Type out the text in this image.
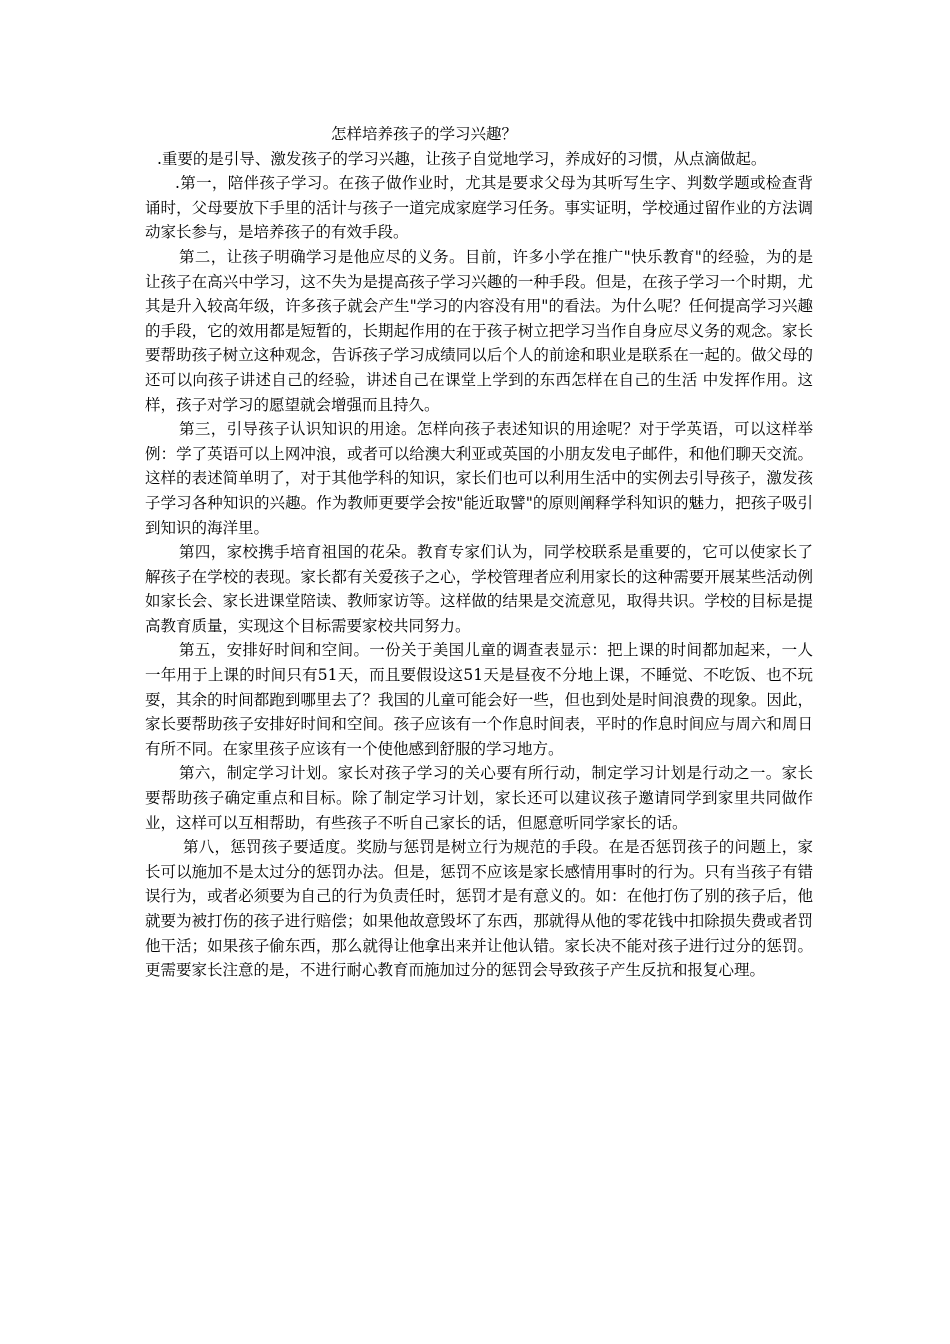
怎样培养孩子的学习兴趣？

.重要的是引导、激发孩子的学习兴趣，让孩子自觉地学习，养成好的习惯，从点滴做起。

.第一，陪伴孩子学习。在孩子做作业时，尤其是要求父母为其听写生字、判数学题或检查背诵时，父母要放下手里的活计与孩子一道完成家庭学习任务。事实证明，学校通过留作业的方法调动家长参与，是培养孩子的有效手段。

第二，让孩子明确学习是他应尽的义务。目前，许多小学在推广"快乐教育"的经验，为的是让孩子在高兴中学习，这不失为是提高孩子学习兴趣的一种手段。但是，在孩子学习一个时期，尤其是升入较高年级，许多孩子就会产生"学习的内容没有用"的看法。为什么呢？任何提高学习兴趣的手段，它的效用都是短暂的，长期起作用的在于孩子树立把学习当作自身应尽义务的观念。家长要帮助孩子树立这种观念，告诉孩子学习成绩同以后个人的前途和职业是联系在一起的。做父母的还可以向孩子讲述自己的经验，讲述自己在课堂上学到的东西怎样在自己的生活 中发挥作用。这样，孩子对学习的愿望就会增强而且持久。

第三，引导孩子认识知识的用途。怎样向孩子表述知识的用途呢？对于学英语，可以这样举例：学了英语可以上网冲浪，或者可以给澳大利亚或英国的小朋友发电子邮件，和他们聊天交流。这样的表述简单明了，对于其他学科的知识，家长们也可以利用生活中的实例去引导孩子，激发孩子学习各种知识的兴趣。作为教师更要学会按"能近取譬"的原则阐释学科知识的魅力，把孩子吸引到知识的海洋里。

第四，家校携手培育祖国的花朵。教育专家们认为，同学校联系是重要的，它可以使家长了解孩子在学校的表现。家长都有关爱孩子之心，学校管理者应利用家长的这种需要开展某些活动例如家长会、家长进课堂陪读、教师家访等。这样做的结果是交流意见，取得共识。学校的目标是提高教育质量，实现这个目标需要家校共同努力。

第五，安排好时间和空间。一份关于美国儿童的调查表显示：把上课的时间都加起来，一人一年用于上课的时间只有51天，而且要假设这51天是昼夜不分地上课，不睡觉、不吃饭、也不玩耍，其余的时间都跑到哪里去了？我国的儿童可能会好一些，但也到处是时间浪费的现象。因此，家长要帮助孩子安排好时间和空间。孩子应该有一个作息时间表，平时的作息时间应与周六和周日有所不同。在家里孩子应该有一个使他感到舒服的学习地方。

第六，制定学习计划。家长对孩子学习的关心要有所行动，制定学习计划是行动之一。家长要帮助孩子确定重点和目标。除了制定学习计划，家长还可以建议孩子邀请同学到家里共同做作业，这样可以互相帮助，有些孩子不听自己家长的话，但愿意听同学家长的话。

第八，惩罚孩子要适度。奖励与惩罚是树立行为规范的手段。在是否惩罚孩子的问题上，家长可以施加不是太过分的惩罚办法。但是，惩罚不应该是家长感情用事时的行为。只有当孩子有错误行为，或者必须要为自己的行为负责任时，惩罚才是有意义的。如：在他打伤了别的孩子后，他就要为被打伤的孩子进行赔偿；如果他故意毁坏了东西，那就得从他的零花钱中扣除损失费或者罚他干活；如果孩子偷东西，那么就得让他拿出来并让他认错。家长决不能对孩子进行过分的惩罚。更需要家长注意的是，不进行耐心教育而施加过分的惩罚会导致孩子产生反抗和报复心理。
